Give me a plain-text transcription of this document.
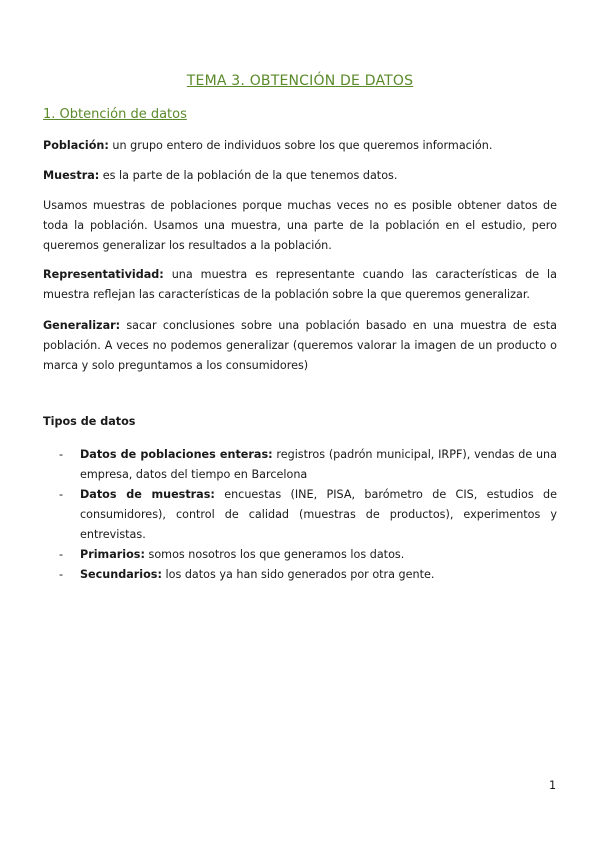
TEMA 3. OBTENCIÓN DE DATOS
1. Obtención de datos

Población: un grupo entero de individuos sobre los que queremos información.

Muestra: es la parte de la población de la que tenemos datos.

Usamos muestras de poblaciones porque muchas veces no es posible obtener datos de toda la población. Usamos una muestra, una parte de la población en el estudio, pero queremos generalizar los resultados a la población.

Representatividad: una muestra es representante cuando las características de la muestra reflejan las características de la población sobre la que queremos generalizar.

Generalizar: sacar conclusiones sobre una población basado en una muestra de esta población. A veces no podemos generalizar (queremos valorar la imagen de un producto o marca y solo preguntamos a los consumidores)

Tipos de datos
- Datos de poblaciones enteras: registros (padrón municipal, IRPF), vendas de una empresa, datos del tiempo en Barcelona
- Datos de muestras: encuestas (INE, PISA, barómetro de CIS, estudios de consumidores), control de calidad (muestras de productos), experimentos y entrevistas.
- Primarios: somos nosotros los que generamos los datos.
- Secundarios: los datos ya han sido generados por otra gente.
1
